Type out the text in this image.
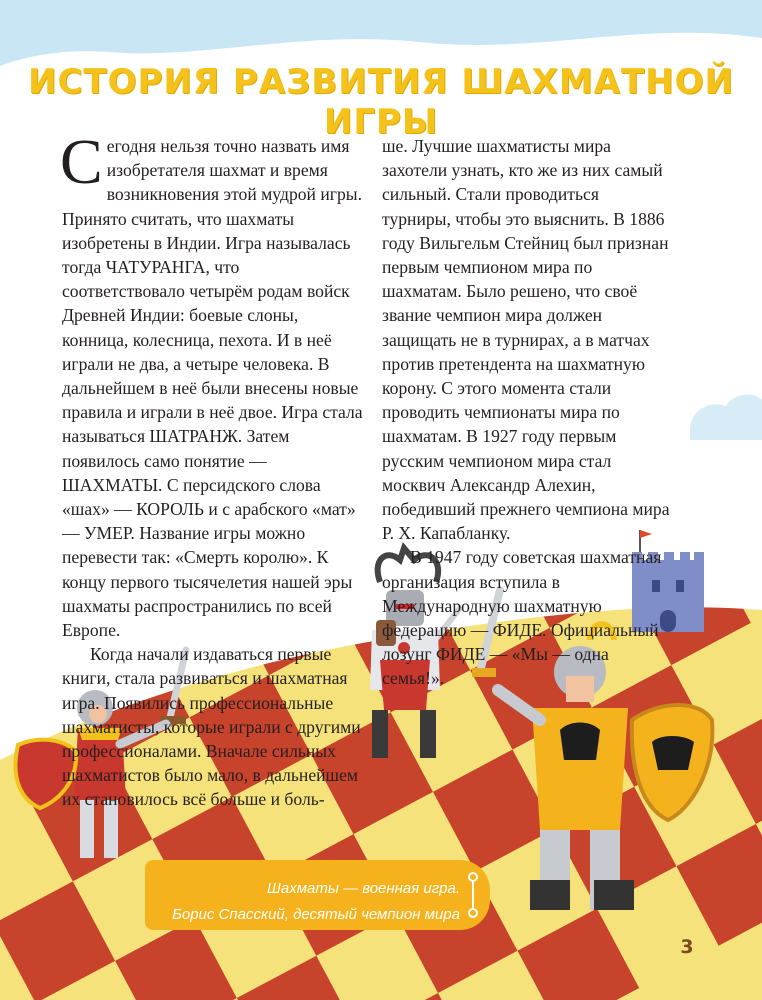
ИСТОРИЯ РАЗВИТИЯ ШАХМАТНОЙ ИГРЫ

Сегодня нельзя точно назвать имя изобретателя шахмат и время возникновения этой мудрой игры. Принято считать, что шахматы изобретены в Индии. Игра называлась тогда ЧАТУРАНГА, что соответствовало четырём родам войск Древней Индии: боевые слоны, конница, колесница, пехота. И в неё играли не два, а четыре человека. В дальнейшем в неё были внесены новые правила и играли в неё двое. Игра стала называться ШАТРАНЖ. Затем появилось само понятие — ШАХМАТЫ. С персидского слова «шах» — КОРОЛЬ и с арабского «мат» — УМЕР. Название игры можно перевести так: «Смерть королю». К концу первого тысячелетия нашей эры шахматы распространились по всей Европе.

Когда начали издаваться первые книги, стала развиваться и шахматная игра. Появились профессиональные шахматисты, которые играли с другими профессионалами. Вначале сильных шахматистов было мало, в дальнейшем их становилось всё больше и боль-

ше. Лучшие шахматисты мира захотели узнать, кто же из них самый сильный. Стали проводиться турниры, чтобы это выяснить. В 1886 году Вильгельм Стейниц был признан первым чемпионом мира по шахматам. Было решено, что своё звание чемпион мира должен защищать не в турнирах, а в матчах против претендента на шахматную корону. С этого момента стали проводить чемпионаты мира по шахматам. В 1927 году первым русским чемпионом мира стал москвич Александр Алехин, победивший прежнего чемпиона мира Р. Х. Капабланку.

В 1947 году советская шахматная организация вступила в Международную шахматную федерацию — ФИДЕ. Официальный лозунг ФИДЕ — «Мы — одна семья!».

Шахматы — военная игра.
Борис Спасский, десятый чемпион мира
3
